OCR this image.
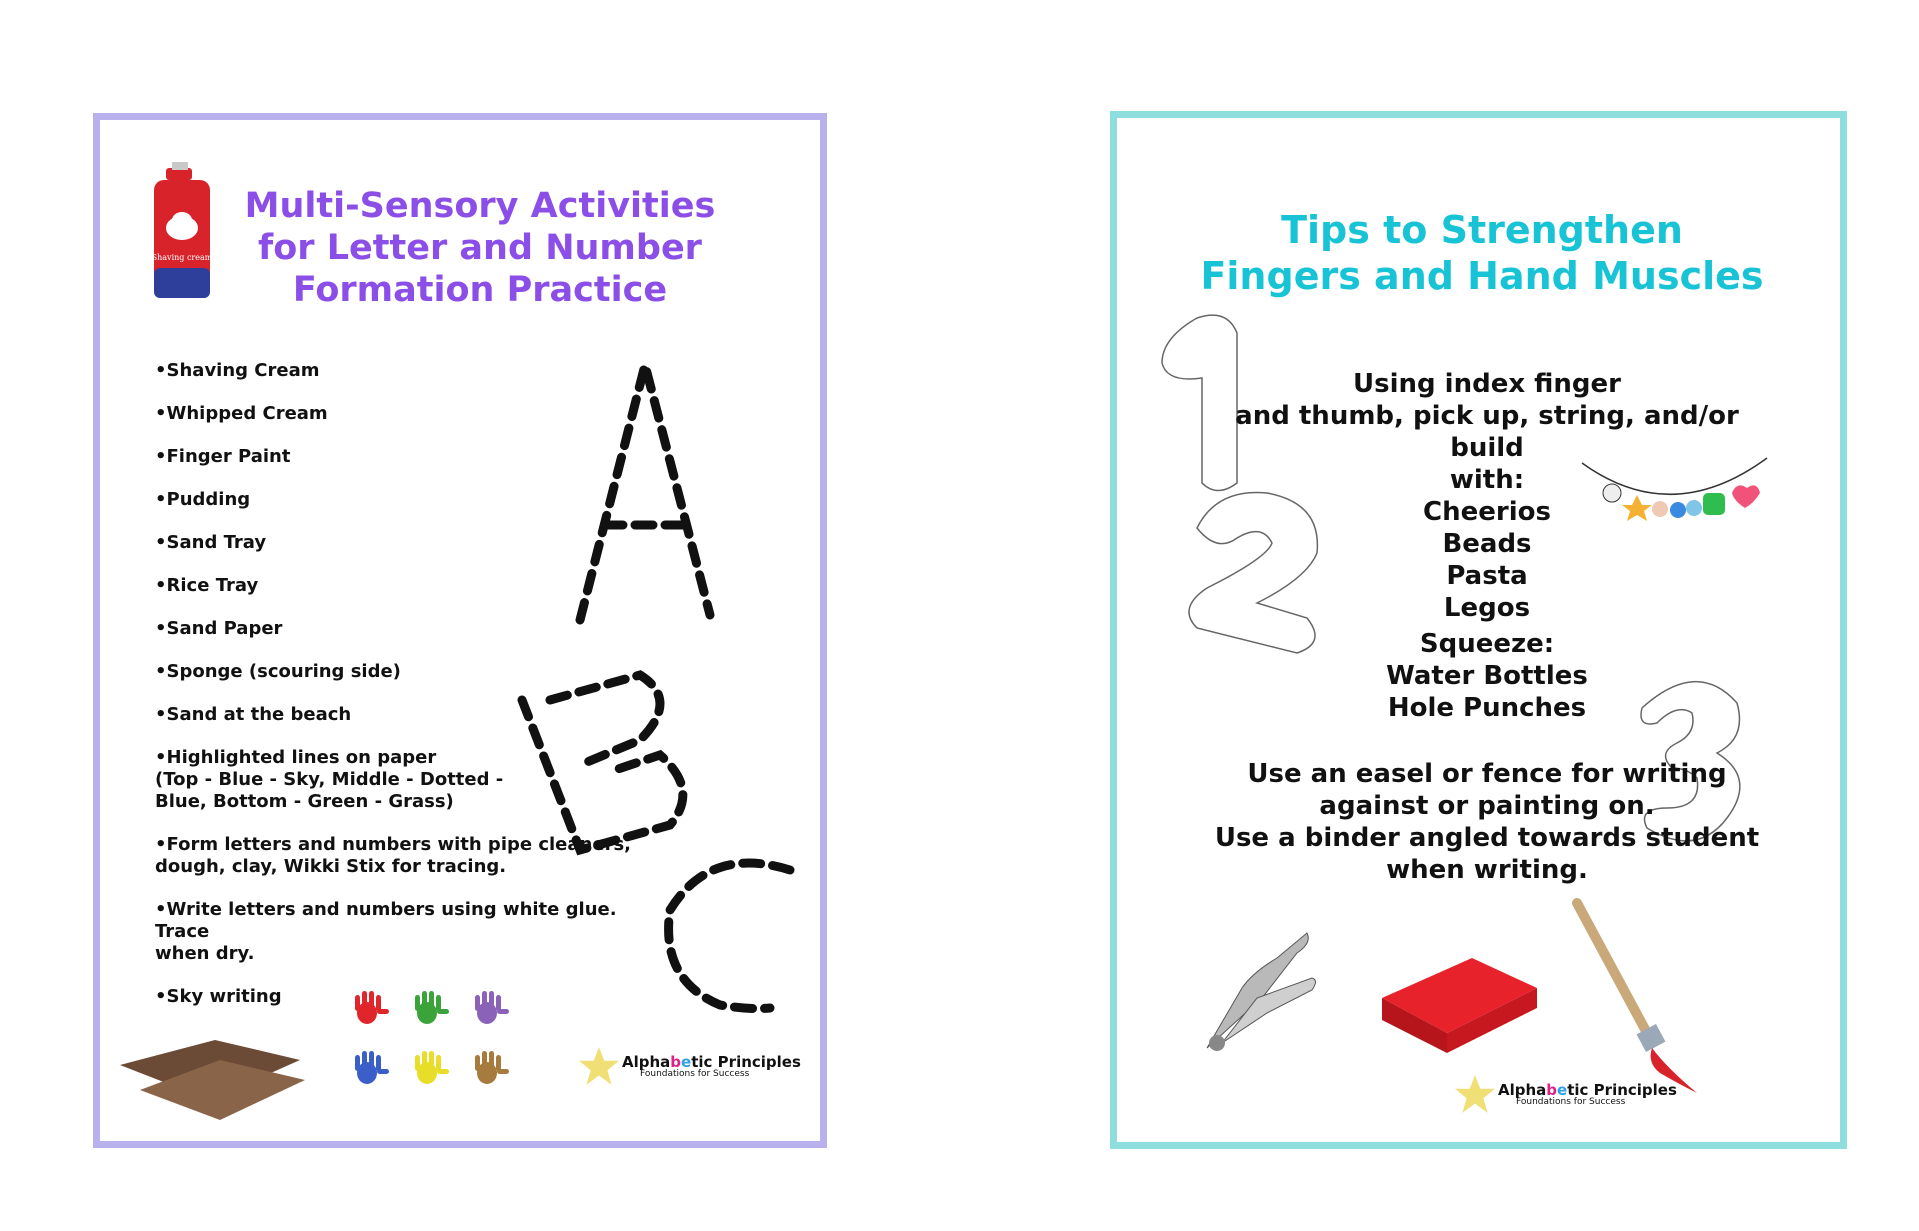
Shaving cream
Multi-Sensory Activities
for Letter and Number
Formation Practice
•Shaving Cream
•Whipped Cream
•Finger Paint
•Pudding
•Sand Tray
•Rice Tray
•Sand Paper
•Sponge (scouring side)
•Sand at the beach
•Highlighted lines on paper
(Top - Blue - Sky, Middle - Dotted -
Blue, Bottom - Green - Grass)
•Form letters and numbers with pipe cleaners,
dough, clay, Wikki Stix for tracing.
•Write letters and numbers using white glue. Trace
when dry.
•Sky writing
Alphabetic Principles
Foundations for Success
Tips to Strengthen
Fingers and Hand Muscles
Using index finger
and thumb, pick up, string, and/or build
with:
Cheerios
Beads
Pasta
Legos
Squeeze:
Water Bottles
Hole Punches
Use an easel or fence for writing
against or painting on.
Use a binder angled towards student
when writing.
Alphabetic Principles
Foundations for Success
